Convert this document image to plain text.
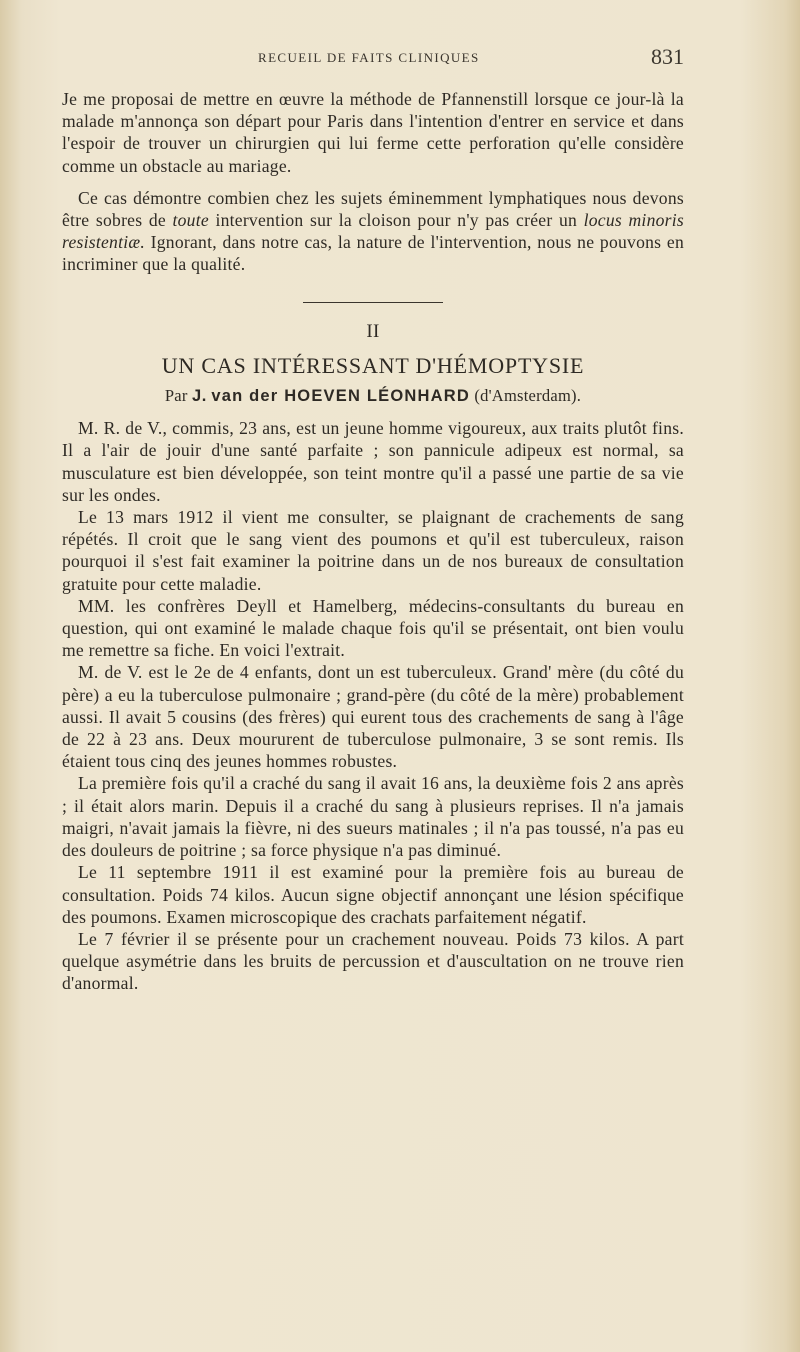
RECUEIL DE FAITS CLINIQUES	831

Je me proposai de mettre en œuvre la méthode de Pfannenstill lorsque ce jour-là la malade m'annonça son départ pour Paris dans l'intention d'entrer en service et dans l'espoir de trouver un chirurgien qui lui ferme cette perforation qu'elle considère comme un obstacle au mariage.

Ce cas démontre combien chez les sujets éminemment lymphatiques nous devons être sobres de toute intervention sur la cloison pour n'y pas créer un locus minoris resistentiæ. Ignorant, dans notre cas, la nature de l'intervention, nous ne pouvons en incriminer que la qualité.

II
UN CAS INTÉRESSANT D'HÉMOPTYSIE
Par J. van der HOEVEN LÉONHARD (d'Amsterdam).

M. R. de V., commis, 23 ans, est un jeune homme vigoureux, aux traits plutôt fins. Il a l'air de jouir d'une santé parfaite ; son pannicule adipeux est normal, sa musculature est bien développée, son teint montre qu'il a passé une partie de sa vie sur les ondes.

Le 13 mars 1912 il vient me consulter, se plaignant de crachements de sang répétés. Il croit que le sang vient des poumons et qu'il est tuberculeux, raison pourquoi il s'est fait examiner la poitrine dans un de nos bureaux de consultation gratuite pour cette maladie.

MM. les confrères Deyll et Hamelberg, médecins-consultants du bureau en question, qui ont examiné le malade chaque fois qu'il se présentait, ont bien voulu me remettre sa fiche. En voici l'extrait.

M. de V. est le 2e de 4 enfants, dont un est tuberculeux. Grand' mère (du côté du père) a eu la tuberculose pulmonaire ; grand-père (du côté de la mère) probablement aussi. Il avait 5 cousins (des frères) qui eurent tous des crachements de sang à l'âge de 22 à 23 ans. Deux moururent de tuberculose pulmonaire, 3 se sont remis. Ils étaient tous cinq des jeunes hommes robustes.

La première fois qu'il a craché du sang il avait 16 ans, la deuxième fois 2 ans après ; il était alors marin. Depuis il a craché du sang à plusieurs reprises. Il n'a jamais maigri, n'avait jamais la fièvre, ni des sueurs matinales ; il n'a pas toussé, n'a pas eu des douleurs de poitrine ; sa force physique n'a pas diminué.

Le 11 septembre 1911 il est examiné pour la première fois au bureau de consultation. Poids 74 kilos. Aucun signe objectif annonçant une lésion spécifique des poumons. Examen microscopique des crachats parfaitement négatif.

Le 7 février il se présente pour un crachement nouveau. Poids 73 kilos. A part quelque asymétrie dans les bruits de percussion et d'auscultation on ne trouve rien d'anormal.
